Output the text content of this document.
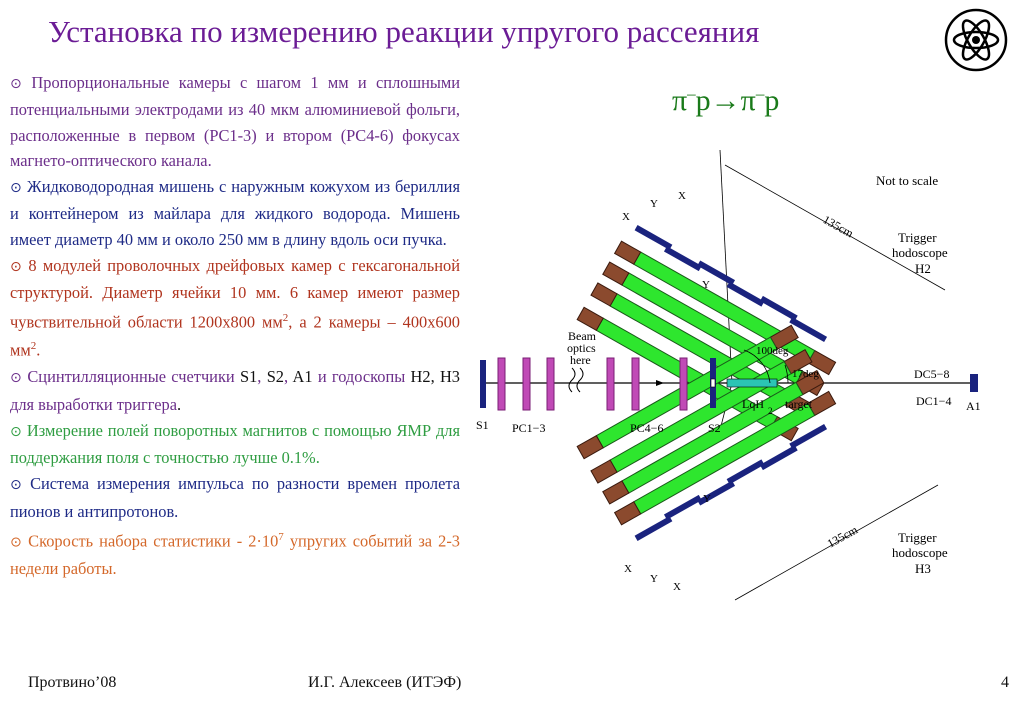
Установка по измерению реакции упругого рассеяния
π–p→π–p
⊙ Пропорциональные камеры с шагом 1 мм и сплошными потенциальными электродами из 40 мкм алюминиевой фольги, расположенные в первом (PC1-3) и втором (PC4-6) фокусах магнето-оптического канала.
⊙ Жидководородная мишень с наружным кожухом из бериллия и контейнером из майлара для жидкого водорода. Мишень имеет диаметр 40 мм и около 250 мм в длину вдоль оси пучка.
⊙ 8 модулей проволочных дрейфовых камер с гексагональной структурой. Диаметр ячейки 10 мм. 6 камер имеют размер чувствительной области 1200х800 $мм^2$, а 2 камеры – 400х600 $мм^2$.
⊙ Сцинтилляционные счетчики S1, S2, A1 и годоскопы H2, H3 для выработки триггера.
⊙ Измерение полей поворотных магнитов с помощью ЯМР для поддержания поля с точностью лучше 0.1%.
⊙ Система измерения импульса по разности времен пролета пионов и антипротонов.
⊙ Скорость набора статистики - $2\cdot 10^7$ упругих событий за 2-3 недели работы.
Not to scale
135cm
135cm
Trigger
hodoscope
H2
Trigger
hodoscope
H3
Beam
optics
here
S1 PC1−3	PC4−6	S2
LqH 2 target	A1
DC5−8
DC1−4
100deg
17deg
X
Y
X
Y
Y
X
Y
X
Протвино’08	И.Г. Алексеев (ИТЭФ)	4
